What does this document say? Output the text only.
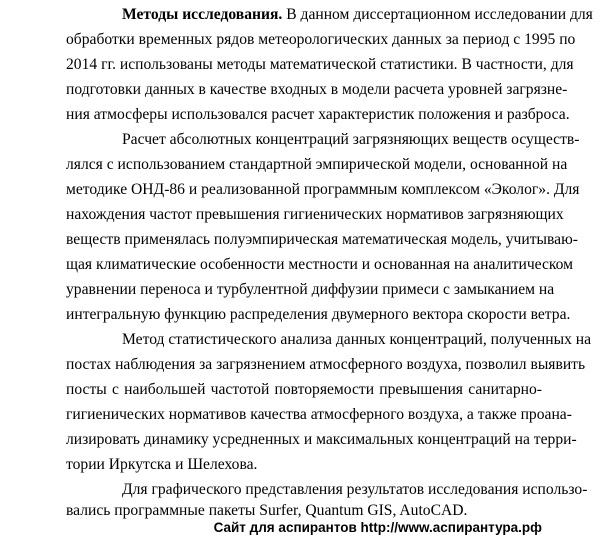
Методы исследования. В данном диссертационном исследовании для
обработки временных рядов метеорологических данных за период с 1995 по
2014 гг. использованы методы математической статистики. В частности, для
подготовки данных в качестве входных в модели расчета уровней загрязне-
ния атмосферы использовался расчет характеристик положения и разброса.
Расчет абсолютных концентраций загрязняющих веществ осуществ-
лялся с использованием стандартной эмпирической модели, основанной на
методике ОНД-86 и реализованной программным комплексом «Эколог». Для
нахождения частот превышения гигиенических нормативов загрязняющих
веществ применялась полуэмпирическая математическая модель, учитываю-
щая климатические особенности местности и основанная на аналитическом
уравнении переноса и турбулентной диффузии примеси с замыканием на
интегральную функцию распределения двумерного вектора скорости ветра.
Метод статистического анализа данных концентраций, полученных на
постах наблюдения за загрязнением атмосферного воздуха, позволил выявить
посты с наибольшей частотой повторяемости превышения санитарно-
гигиенических нормативов качества атмосферного воздуха, а также проана-
лизировать динамику усредненных и максимальных концентраций на терри-
тории Иркутска и Шелехова.
Для графического представления результатов исследования использо-
вались программные пакеты Surfer, Quantum GIS, AutoCAD.
Сайт для аспирантов http://www.аспирантура.рф
